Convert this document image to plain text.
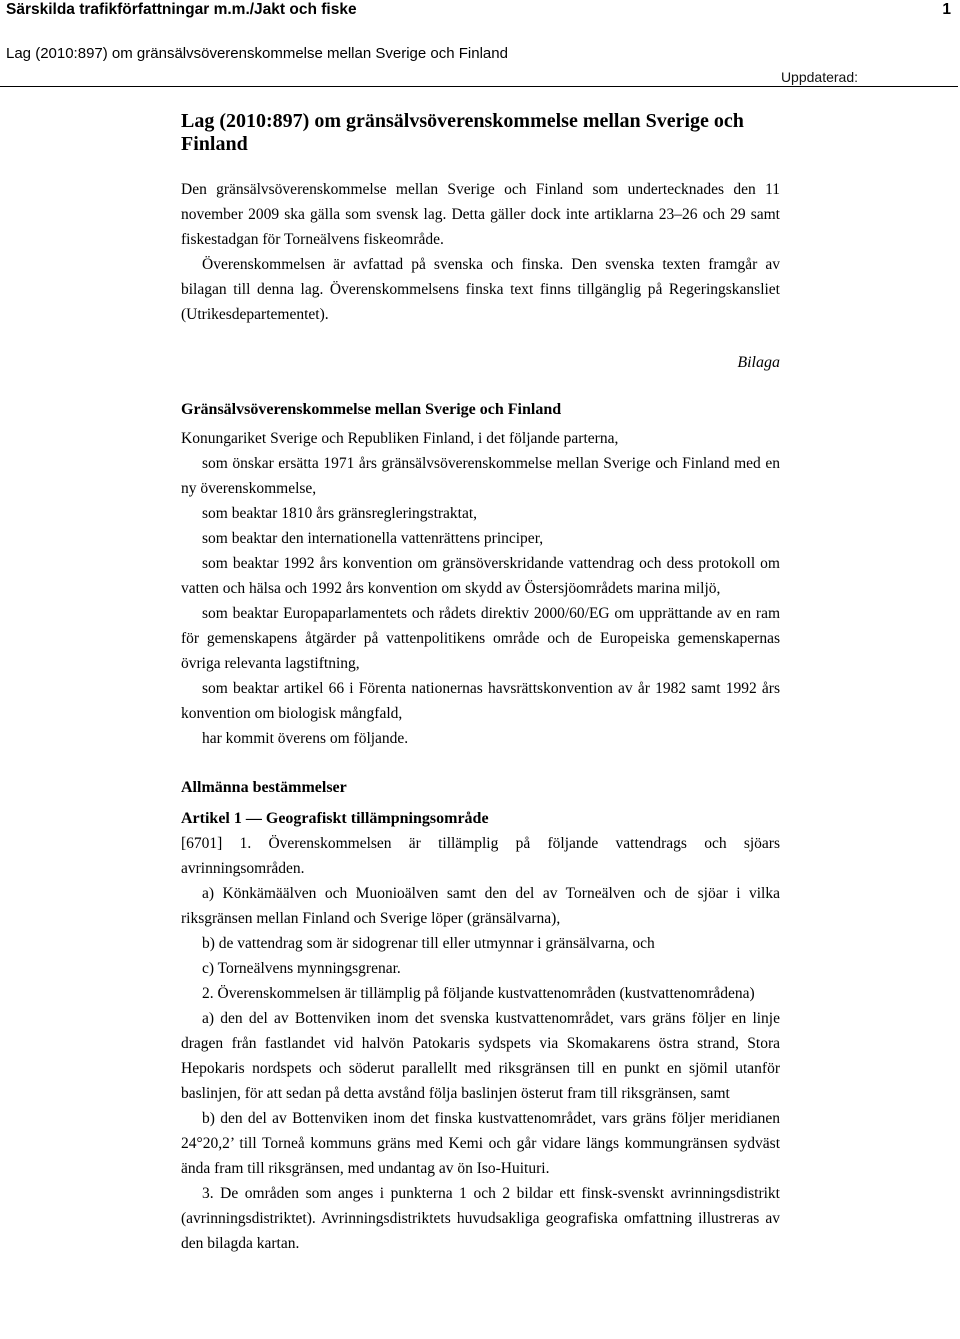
Särskilda trafikförfattningar m.m./Jakt och fiske	1
Lag (2010:897) om gränsälvsöverenskommelse mellan Sverige och Finland
Uppdaterad:
Lag (2010:897) om gränsälvsöverenskommelse mellan Sverige och Finland

Den gränsälvsöverenskommelse mellan Sverige och Finland som undertecknades den 11 november 2009 ska gälla som svensk lag. Detta gäller dock inte artiklarna 23–26 och 29 samt fiskestadgan för Torneälvens fiskeområde.

Överenskommelsen är avfattad på svenska och finska. Den svenska texten framgår av bilagan till denna lag. Överenskommelsens finska text finns tillgänglig på Regeringskansliet (Utrikesdepartementet).

Bilaga

Gränsälvsöverenskommelse mellan Sverige och Finland

Konungariket Sverige och Republiken Finland, i det följande parterna,

som önskar ersätta 1971 års gränsälvsöverenskommelse mellan Sverige och Finland med en ny överenskommelse,

som beaktar 1810 års gränsregleringstraktat,

som beaktar den internationella vattenrättens principer,

som beaktar 1992 års konvention om gränsöverskridande vattendrag och dess protokoll om vatten och hälsa och 1992 års konvention om skydd av Östersjöområdets marina miljö,

som beaktar Europaparlamentets och rådets direktiv 2000/60/EG om upprättande av en ram för gemenskapens åtgärder på vattenpolitikens område och de Europeiska gemenskapernas övriga relevanta lagstiftning,

som beaktar artikel 66 i Förenta nationernas havsrättskonvention av år 1982 samt 1992 års konvention om biologisk mångfald,

har kommit överens om följande.

Allmänna bestämmelser

Artikel 1 — Geografiskt tillämpningsområde

[6701] 1. Överenskommelsen är tillämplig på följande vattendrags och sjöars avrinningsområden.

a) Könkämäälven och Muonioälven samt den del av Torneälven och de sjöar i vilka riksgränsen mellan Finland och Sverige löper (gränsälvarna),

b) de vattendrag som är sidogrenar till eller utmynnar i gränsälvarna, och

c) Torneälvens mynningsgrenar.

2. Överenskommelsen är tillämplig på följande kustvattenområden (kustvattenområdena)

a) den del av Bottenviken inom det svenska kustvattenområdet, vars gräns följer en linje dragen från fastlandet vid halvön Patokaris sydspets via Skomakarens östra strand, Stora Hepokaris nordspets och söderut parallellt med riksgränsen till en punkt en sjömil utanför baslinjen, för att sedan på detta avstånd följa baslinjen österut fram till riksgränsen, samt

b) den del av Bottenviken inom det finska kustvattenområdet, vars gräns följer meridianen 24°20,2’ till Torneå kommuns gräns med Kemi och går vidare längs kommungränsen sydväst ända fram till riksgränsen, med undantag av ön Iso-Huituri.

3. De områden som anges i punkterna 1 och 2 bildar ett finsk-svenskt avrinningsdistrikt (avrinningsdistriktet). Avrinningsdistriktets huvudsakliga geografiska omfattning illustreras av den bilagda kartan.
